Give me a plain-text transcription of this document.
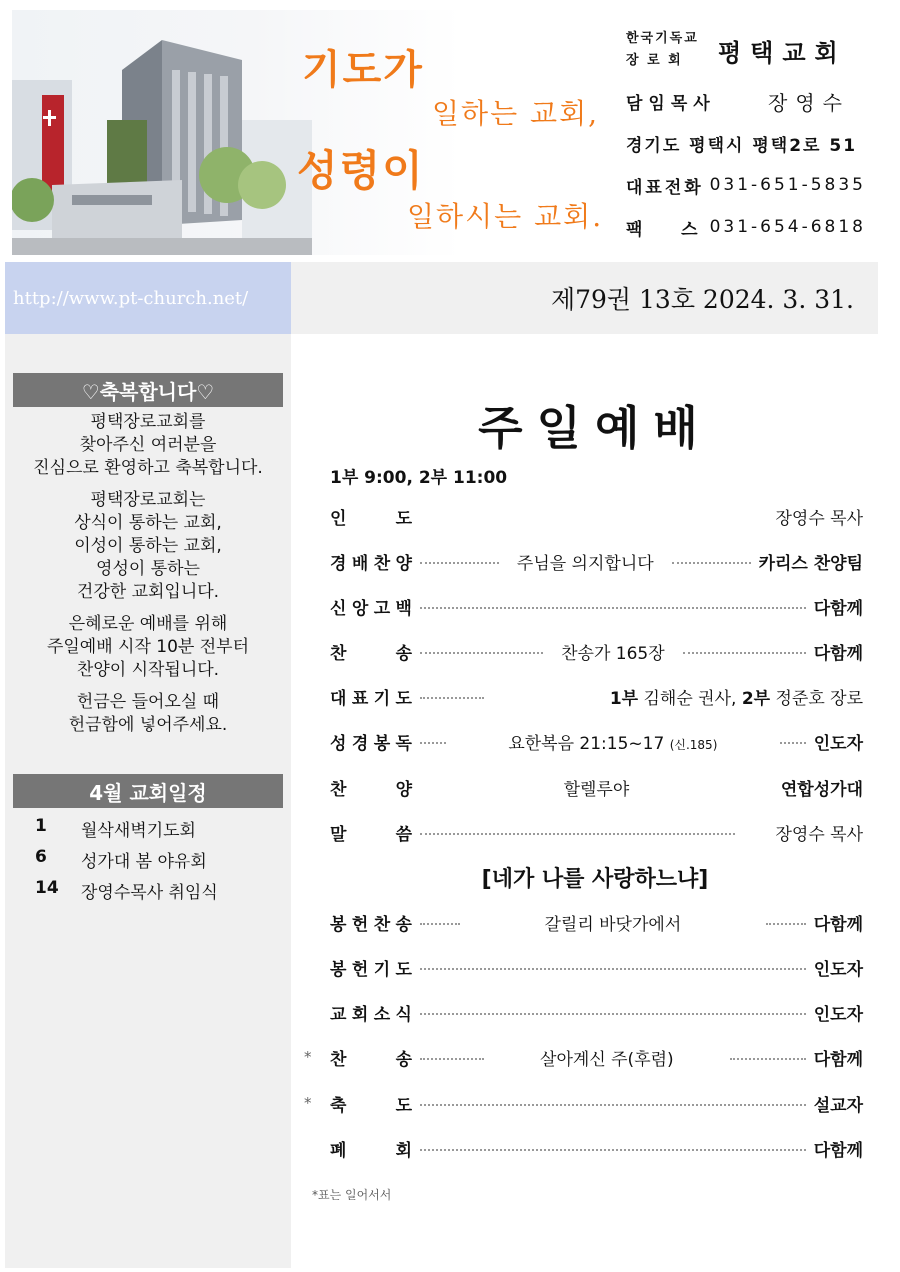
기도가
일하는 교회,
성령이
일하시는 교회.
한국기독교
장 로 회	평택교회
담임목사	장영수
경기도 평택시 평택2로 51
대표전화 031-651-5835
팩    스 031-654-6818
http://www.pt-church.net/	제79권 13호 2024. 3. 31.
♡축복합니다♡

평택장로교회를
찾아주신 여러분을
진심으로 환영하고 축복합니다.

평택장로교회는
상식이 통하는 교회,
이성이 통하는 교회,
영성이 통하는
건강한 교회입니다.

은혜로운 예배를 위해
주일예배 시작 10분 전부터
찬양이 시작됩니다.

헌금은 들어오실 때
헌금함에 넣어주세요.

4월 교회일정
1	월삭새벽기도회
6	성가대 봄 야유회
14	장영수목사 취임식
주일예배
1부 9:00, 2부 11:00
인	도	장영수 목사
경 배 찬 양	주님을 의지합니다	카리스 찬양팀
신 앙 고 백	다함께
찬	송	찬송가 165장	다함께
대 표 기 도	1부 김해순 권사, 2부 정준호 장로
성 경 봉 독	요한복음 21:15~17 (신.185)	인도자
찬	양	할렐루야	연합성가대
말	씀	장영수 목사
[네가 나를 사랑하느냐]
봉 헌 찬 송	갈릴리 바닷가에서	다함께
봉 헌 기 도	인도자
교 회 소 식	인도자
* 찬	송	살아계신 주(후렴)	다함께
* 축	도	설교자
폐	회	다함께
*표는 일어서서
